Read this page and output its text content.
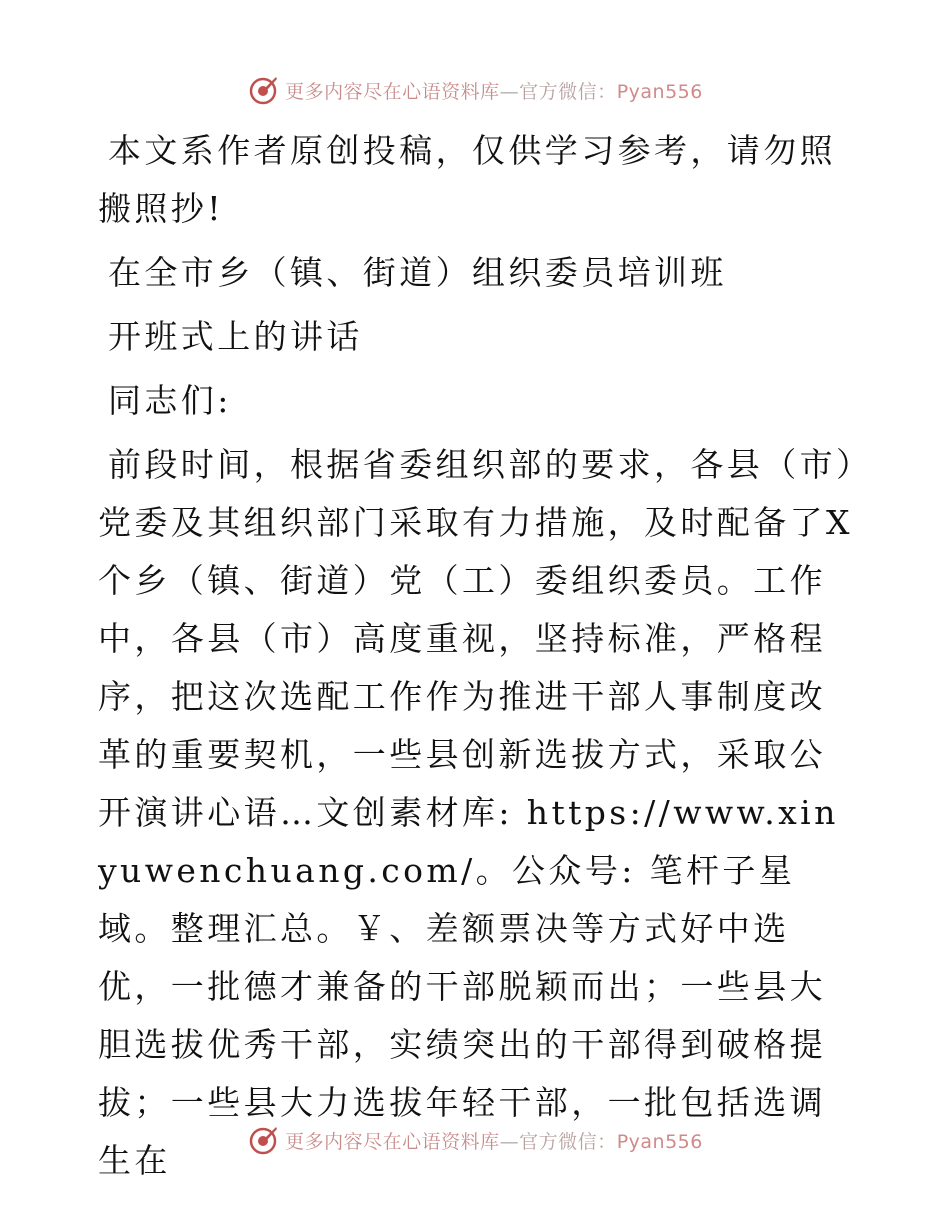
更多内容尽在心语资料库—官方微信：Pyan556

本文系作者原创投稿，仅供学习参考，请勿照搬照抄!

在全市乡（镇、街道）组织委员培训班

开班式上的讲话

同志们:

前段时间，根据省委组织部的要求，各县（市）党委及其组织部门采取有力措施，及时配备了X个乡（镇、街道）党（工）委组织委员。工作中，各县（市）高度重视，坚持标准，严格程序，把这次选配工作作为推进干部人事制度改革的重要契机，一些县创新选拔方式，采取公开演讲心语…文创素材库: https://www.xinyuwenchuang.com/。公众号: 笔杆子星域。整理汇总。￥、差额票决等方式好中选优，一批德才兼备的干部脱颖而出；一些县大胆选拔优秀干部，实绩突出的干部得到破格提拔；一些县大力选拔年轻干部，一批包括选调生在	更多内容尽在心语资料库—官方微信：Pyan556
